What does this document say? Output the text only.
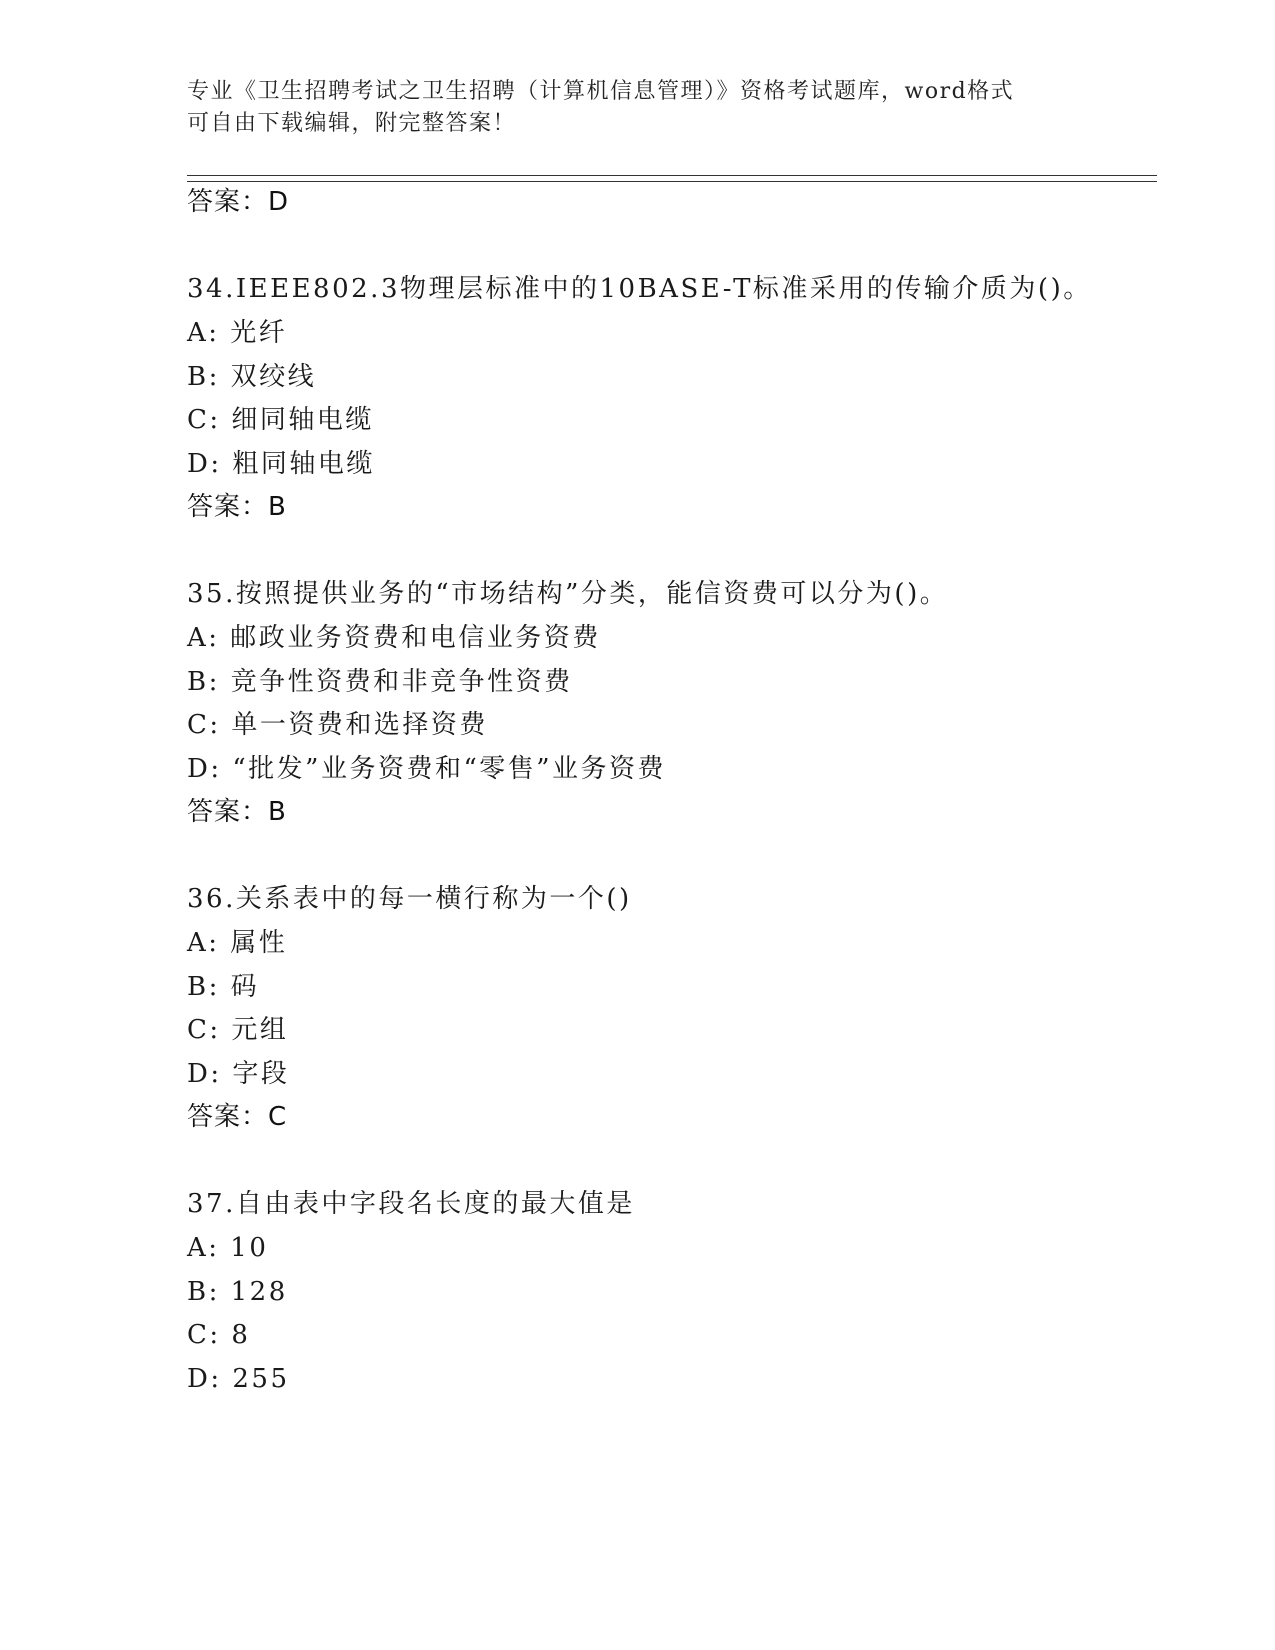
专业《卫生招聘考试之卫生招聘（计算机信息管理）》资格考试题库，word格式
可自由下载编辑，附完整答案！
答案：D
34.IEEE802.3物理层标准中的10BASE-T标准采用的传输介质为()。
A: 光纤
B: 双绞线
C: 细同轴电缆
D: 粗同轴电缆
答案：B
35.按照提供业务的“市场结构”分类，能信资费可以分为()。
A: 邮政业务资费和电信业务资费
B: 竞争性资费和非竞争性资费
C: 单一资费和选择资费
D: “批发”业务资费和“零售”业务资费
答案：B
36.关系表中的每一横行称为一个()
A: 属性
B: 码
C: 元组
D: 字段
答案：C
37.自由表中字段名长度的最大值是
A: 10
B: 128
C: 8
D: 255
